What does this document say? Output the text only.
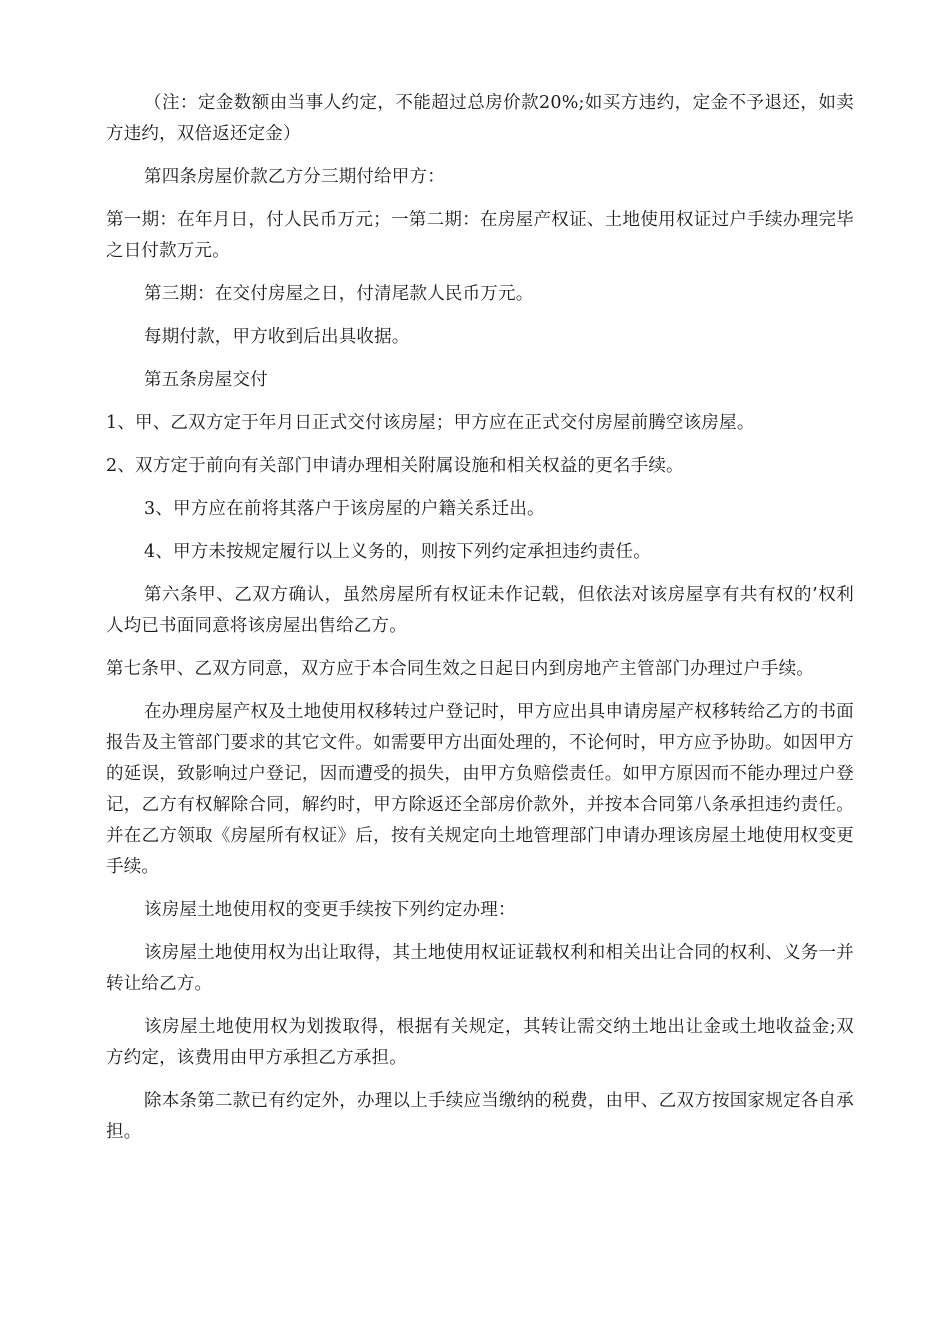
（注：定金数额由当事人约定，不能超过总房价款20%;如买方违约，定金不予退还，如卖方违约，双倍返还定金）

第四条房屋价款乙方分三期付给甲方：

第一期：在年月日，付人民币万元；一第二期：在房屋产权证、土地使用权证过户手续办理完毕之日付款万元。

第三期：在交付房屋之日，付清尾款人民币万元。

每期付款，甲方收到后出具收据。

第五条房屋交付

1、甲、乙双方定于年月日正式交付该房屋；甲方应在正式交付房屋前腾空该房屋。

2、双方定于前向有关部门申请办理相关附属设施和相关权益的更名手续。

3、甲方应在前将其落户于该房屋的户籍关系迁出。

4、甲方未按规定履行以上义务的，则按下列约定承担违约责任。

第六条甲、乙双方确认，虽然房屋所有权证未作记载，但依法对该房屋享有共有权的’权利人均已书面同意将该房屋出售给乙方。

第七条甲、乙双方同意，双方应于本合同生效之日起日内到房地产主管部门办理过户手续。

在办理房屋产权及土地使用权移转过户登记时，甲方应出具申请房屋产权移转给乙方的书面报告及主管部门要求的其它文件。如需要甲方出面处理的，不论何时，甲方应予协助。如因甲方的延误，致影响过户登记，因而遭受的损失，由甲方负赔偿责任。如甲方原因而不能办理过户登记，乙方有权解除合同，解约时，甲方除返还全部房价款外，并按本合同第八条承担违约责任。并在乙方领取《房屋所有权证》后，按有关规定向土地管理部门申请办理该房屋土地使用权变更手续。

该房屋土地使用权的变更手续按下列约定办理：

该房屋土地使用权为出让取得，其土地使用权证证载权利和相关出让合同的权利、义务一并转让给乙方。

该房屋土地使用权为划拨取得，根据有关规定，其转让需交纳土地出让金或土地收益金;双方约定，该费用由甲方承担乙方承担。

除本条第二款已有约定外，办理以上手续应当缴纳的税费，由甲、乙双方按国家规定各自承担。
